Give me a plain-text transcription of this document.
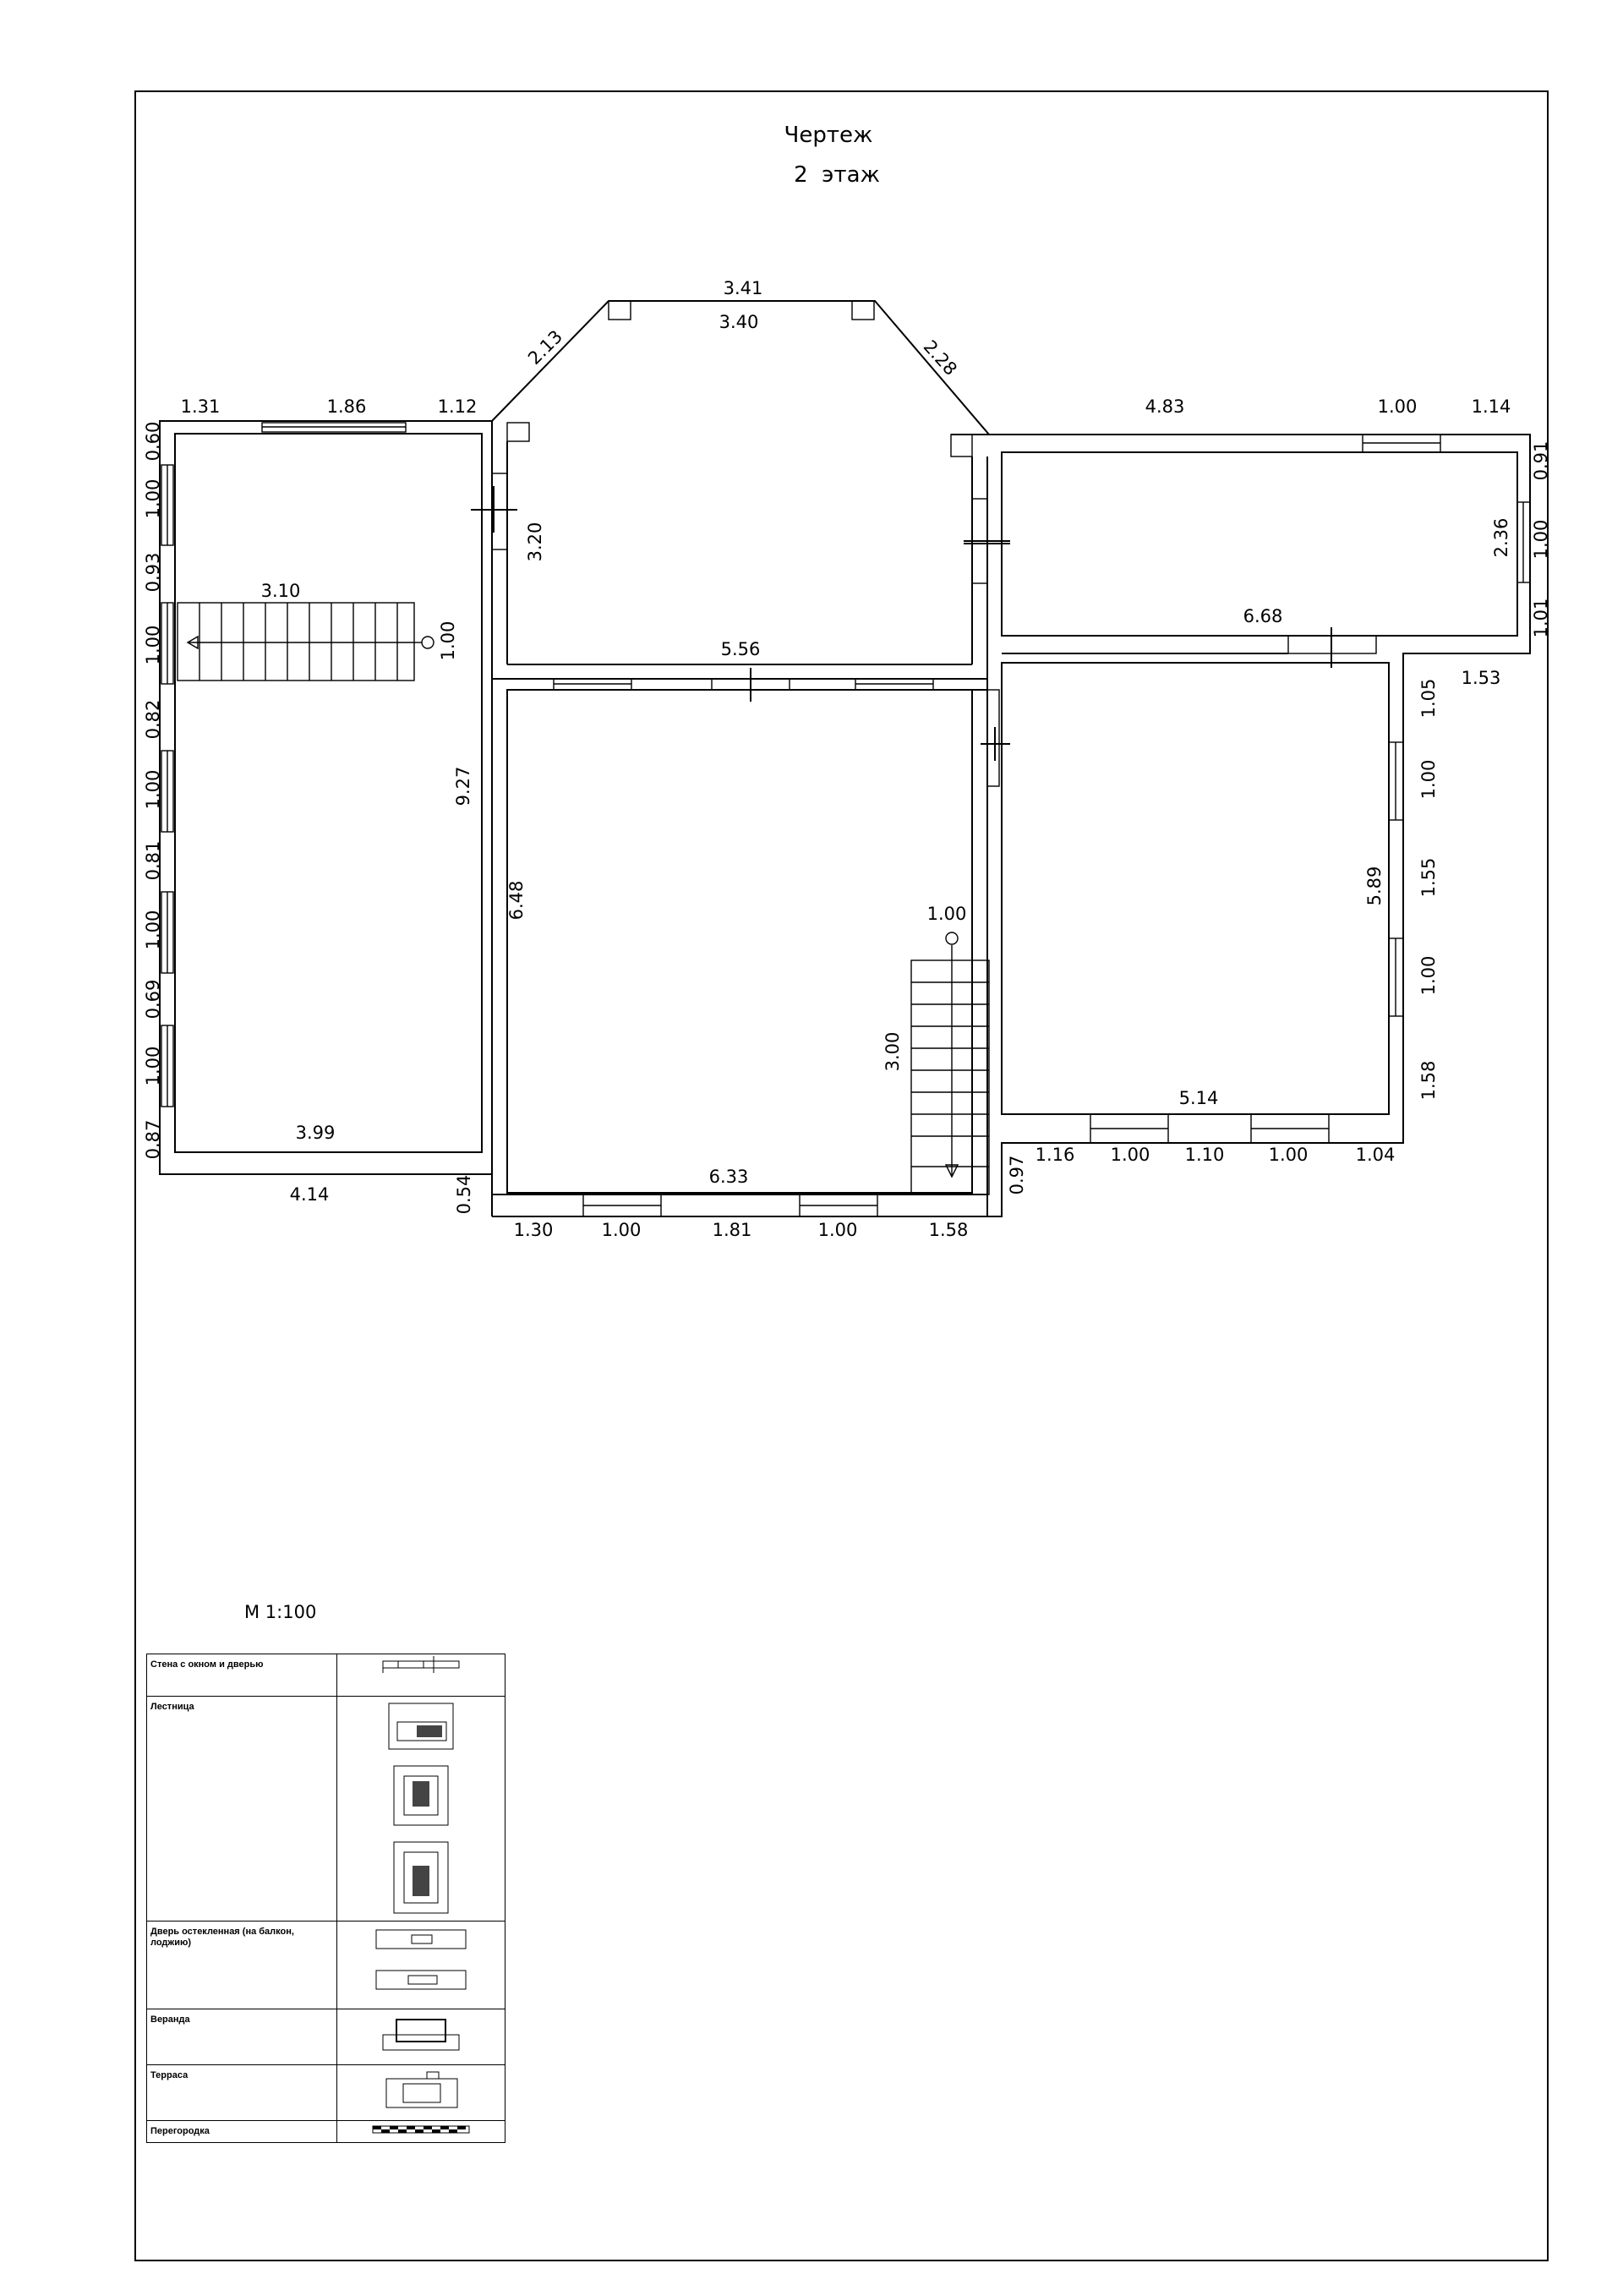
Чертеж
2  этаж
1.31	1.86	1.12
0.60
1.00
0.93
1.00
0.82
1.00
0.81
1.00
0.69
1.00
0.87
3.10
1.00
9.27
3.99
4.14
3.41
3.40
2.13	2.28
3.20
5.56
6.48	1.00
3.00
6.33
0.54
1.30	1.00	1.81	1.00	1.58
4.83	1.00	1.14
0.91
1.00
1.01
2.36
6.68
1.53
1.05
1.00
1.55
1.00
1.58
5.89
5.14
1.16 1.00 1.10 1.00	1.04
0.97
М 1:100
Стена с окном и дверью	

Лестница	

Дверь остекленная (на балкон, лоджию)	

Веранда	

Терраса	

Перегородка	
